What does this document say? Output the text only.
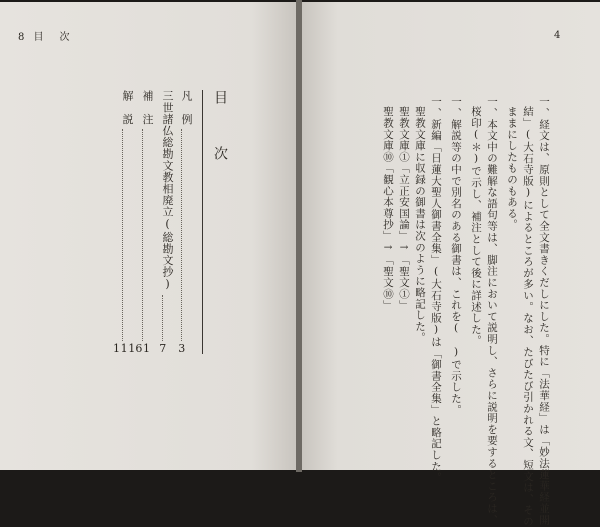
8 目　次
目　次
凡　例
3
三世諸仏総勘文教相廃立(総勘文抄)
7
補　注
61
解　説
111
4
一、経文は、原則として全文書きくだしにした。特に「法華経」は「妙法蓮華経並開
結」(大石寺版)によるところが多い。なお、たびたび引かれる文、短文は、その
ままにしたものもある。
一、本文中の難解な語句等は、脚注において説明し、さらに説明を要するところは、
桜印(＊)で示し、補注として後に詳述した。
一、解説等の中で別名のある御書は、これを(　)で示した。
一、新編「日蓮大聖人御書全集」(大石寺版)は「御書全集」と略記した。
聖教文庫に収録の御書は次のように略記した。
聖教文庫①「立正安国論」→「聖文①」
聖教文庫⑩「観心本尊抄」→「聖文⑩」
